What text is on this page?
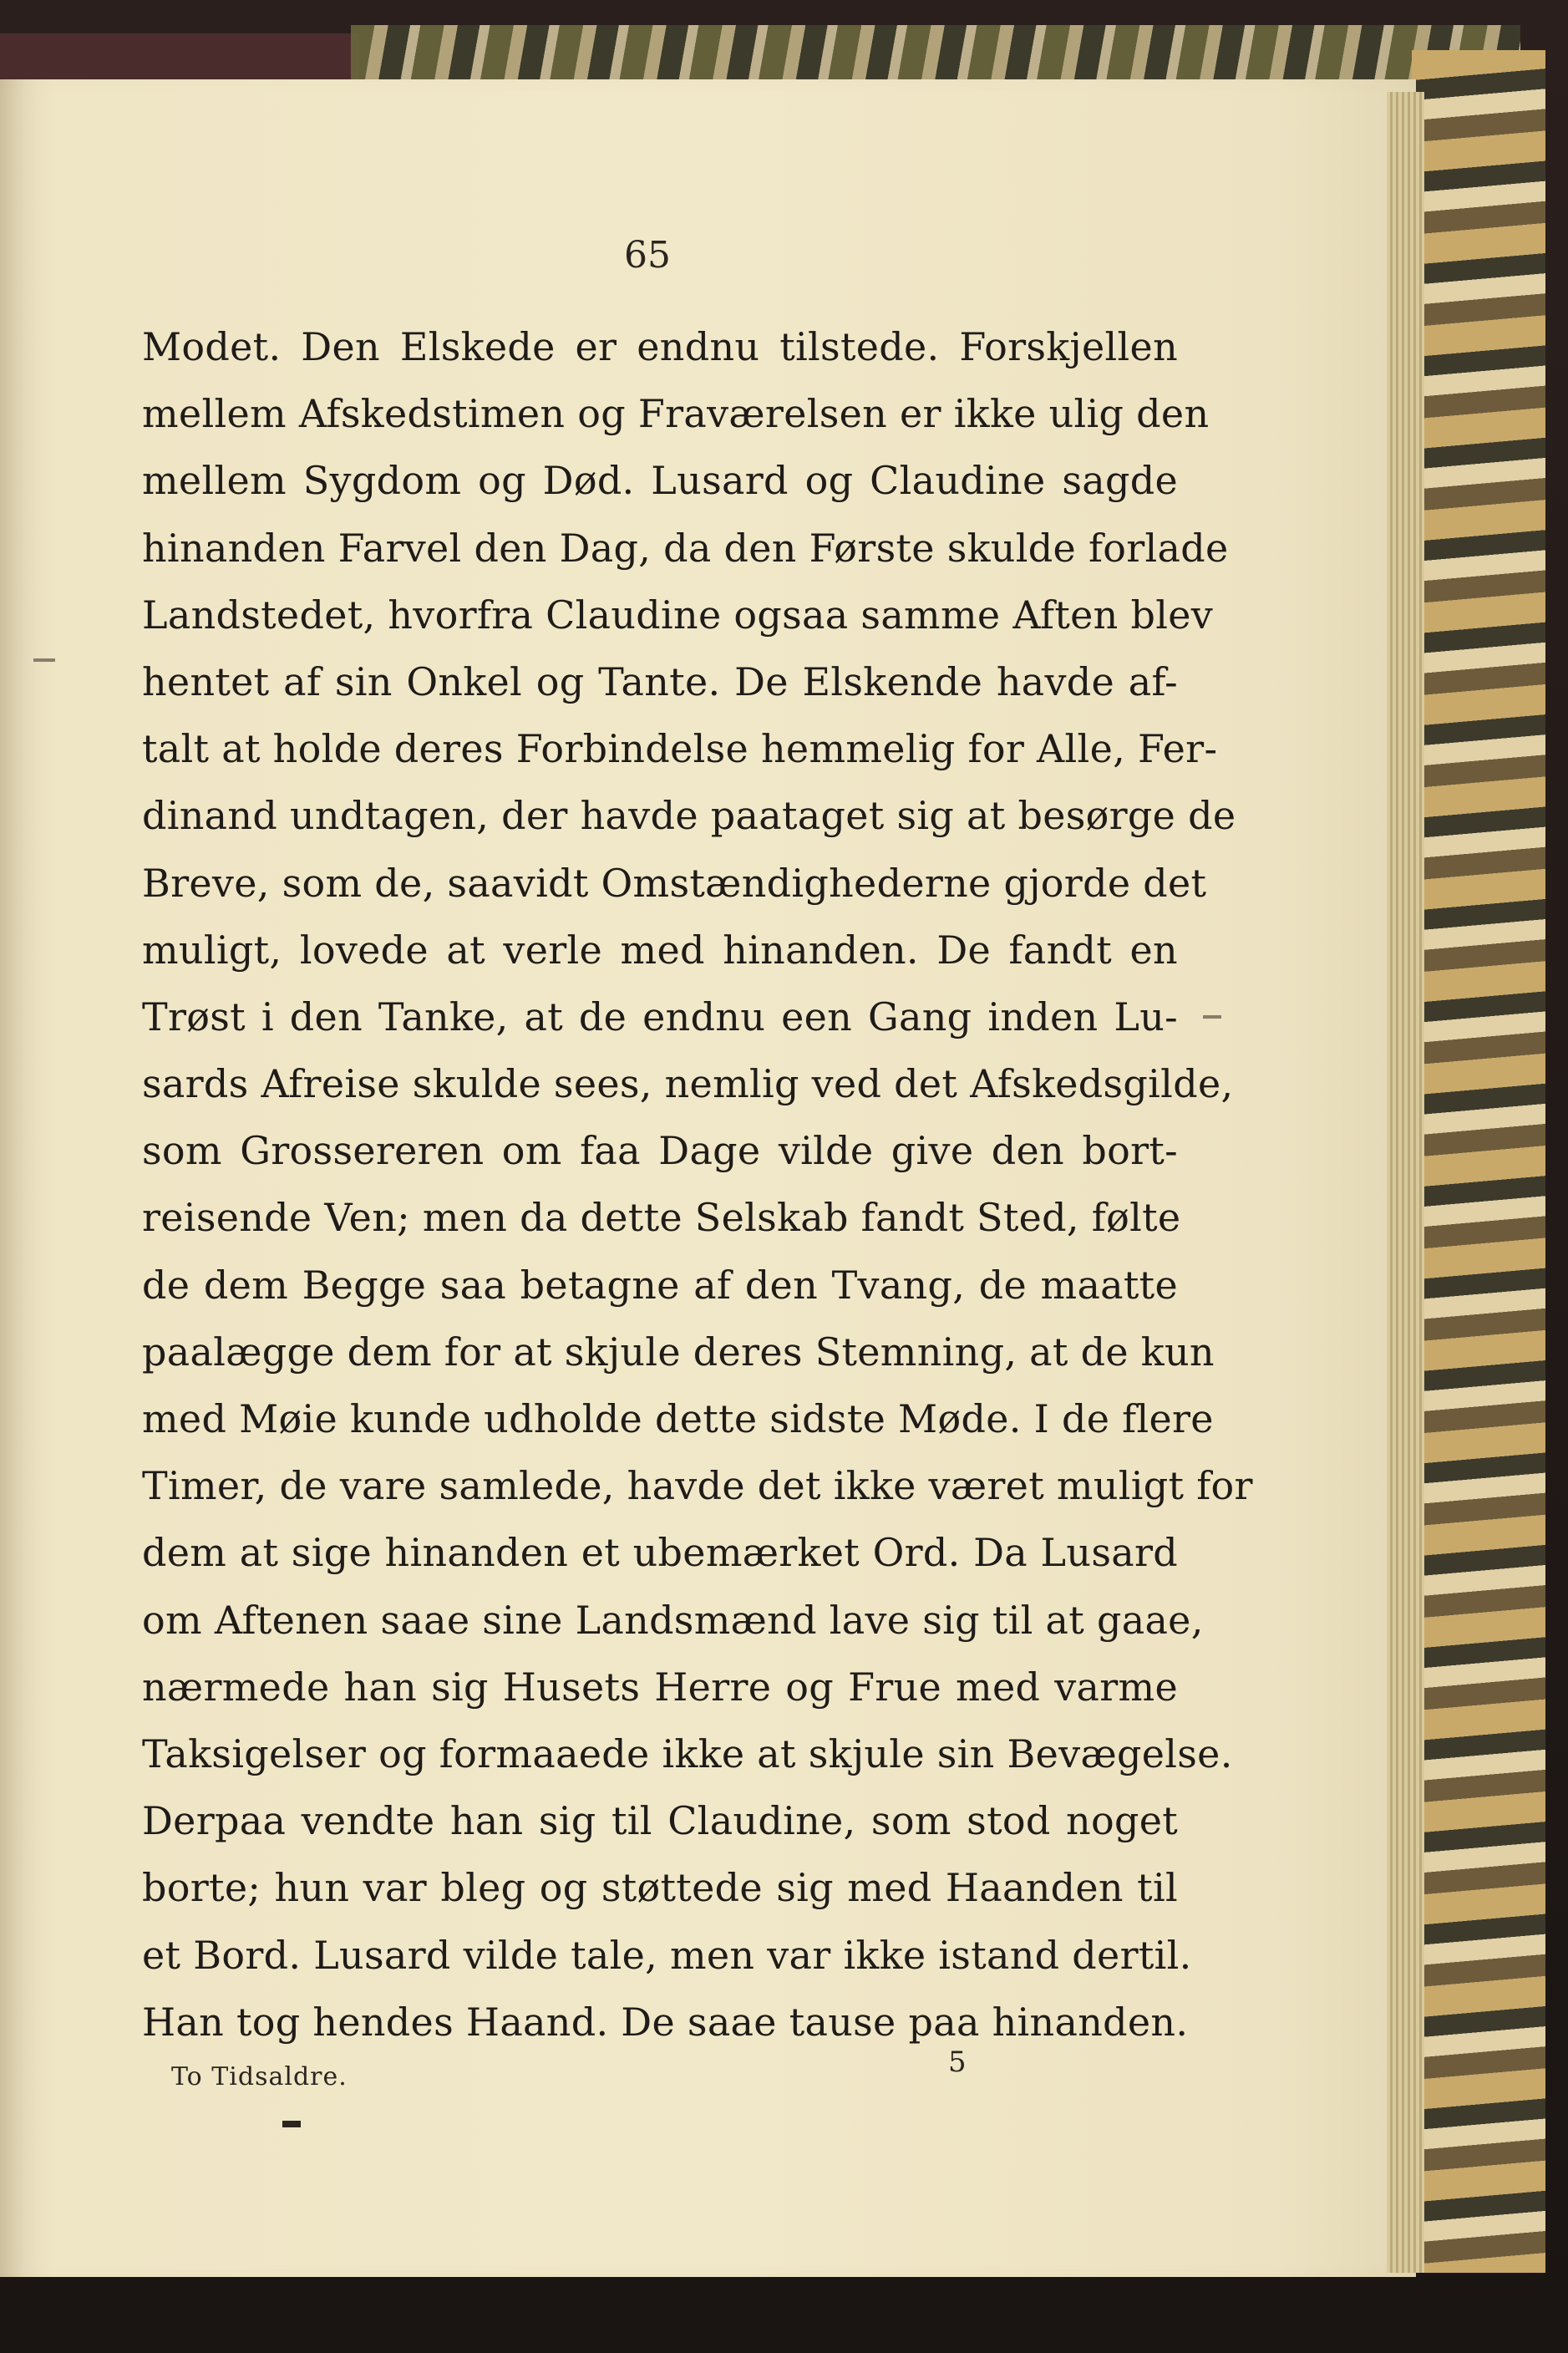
65
Modet. Den Elskede er endnu tilstede. Forskjellen
mellem Afskedstimen og Fraværelsen er ikke ulig den
mellem Sygdom og Død. Lusard og Claudine sagde
hinanden Farvel den Dag, da den Første skulde forlade
Landstedet, hvorfra Claudine ogsaa samme Aften blev
hentet af sin Onkel og Tante. De Elskende havde af-
talt at holde deres Forbindelse hemmelig for Alle, Fer-
dinand undtagen, der havde paataget sig at besørge de
Breve, som de, saavidt Omstændighederne gjorde det
muligt, lovede at verle med hinanden. De fandt en
Trøst i den Tanke, at de endnu een Gang inden Lu-
sards Afreise skulde sees, nemlig ved det Afskedsgilde,
som Grossereren om faa Dage vilde give den bort-
reisende Ven; men da dette Selskab fandt Sted, følte
de dem Begge saa betagne af den Tvang, de maatte
paalægge dem for at skjule deres Stemning, at de kun
med Møie kunde udholde dette sidste Møde. I de flere
Timer, de vare samlede, havde det ikke været muligt for
dem at sige hinanden et ubemærket Ord. Da Lusard
om Aftenen saae sine Landsmænd lave sig til at gaae,
nærmede han sig Husets Herre og Frue med varme
Taksigelser og formaaede ikke at skjule sin Bevægelse.
Derpaa vendte han sig til Claudine, som stod noget
borte; hun var bleg og støttede sig med Haanden til
et Bord. Lusard vilde tale, men var ikke istand dertil.
Han tog hendes Haand. De saae tause paa hinanden.
To Tidsaldre.	5
